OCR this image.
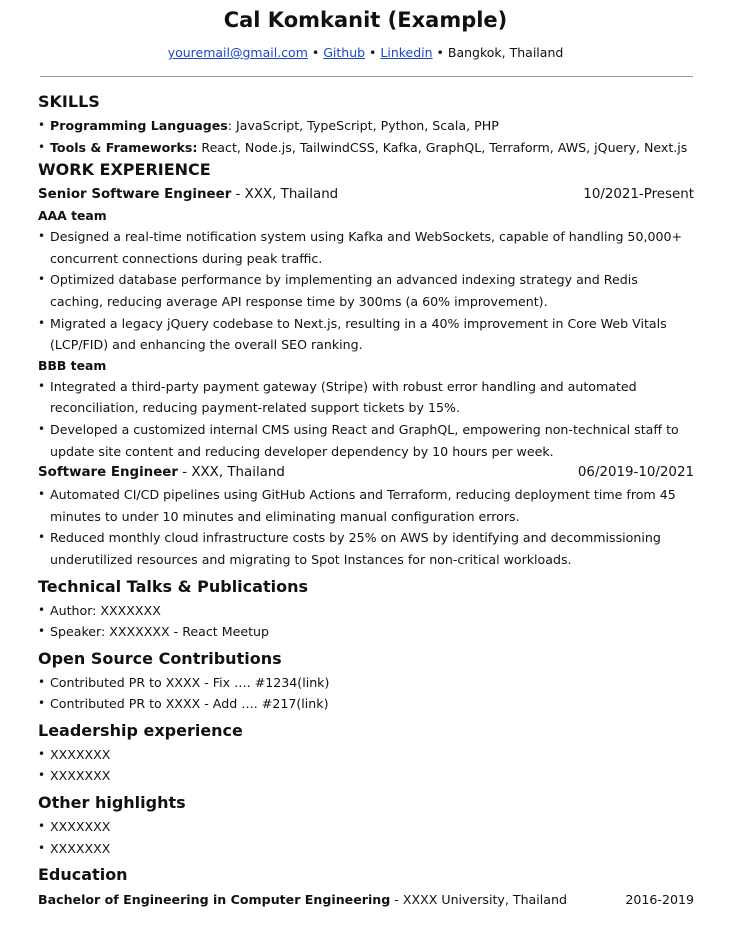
Cal Komkanit (Example)
youremail@gmail.com • Github • Linkedin • Bangkok, Thailand
SKILLS
• Programming Languages: JavaScript, TypeScript, Python, Scala, PHP
• Tools & Frameworks: React, Node.js, TailwindCSS, Kafka, GraphQL, Terraform, AWS, jQuery, Next.js
WORK EXPERIENCE
Senior Software Engineer - XXX, Thailand	10/2021-Present
AAA team
• Designed a real-time notification system using Kafka and WebSockets, capable of handling 50,000+ concurrent connections during peak traffic.
• Optimized database performance by implementing an advanced indexing strategy and Redis caching, reducing average API response time by 300ms (a 60% improvement).
• Migrated a legacy jQuery codebase to Next.js, resulting in a 40% improvement in Core Web Vitals (LCP/FID) and enhancing the overall SEO ranking.
BBB team
• Integrated a third-party payment gateway (Stripe) with robust error handling and automated reconciliation, reducing payment-related support tickets by 15%.
• Developed a customized internal CMS using React and GraphQL, empowering non-technical staff to update site content and reducing developer dependency by 10 hours per week.
Software Engineer - XXX, Thailand	06/2019-10/2021
• Automated CI/CD pipelines using GitHub Actions and Terraform, reducing deployment time from 45 minutes to under 10 minutes and eliminating manual configuration errors.
• Reduced monthly cloud infrastructure costs by 25% on AWS by identifying and decommissioning underutilized resources and migrating to Spot Instances for non-critical workloads.
Technical Talks & Publications
• Author: XXXXXXX
• Speaker: XXXXXXX - React Meetup
Open Source Contributions
• Contributed PR to XXXX - Fix …. #1234(link)
• Contributed PR to XXXX - Add …. #217(link)
Leadership experience
• XXXXXXX
• XXXXXXX
Other highlights
• XXXXXXX
• XXXXXXX
Education
Bachelor of Engineering in Computer Engineering - XXXX University, Thailand	2016-2019
